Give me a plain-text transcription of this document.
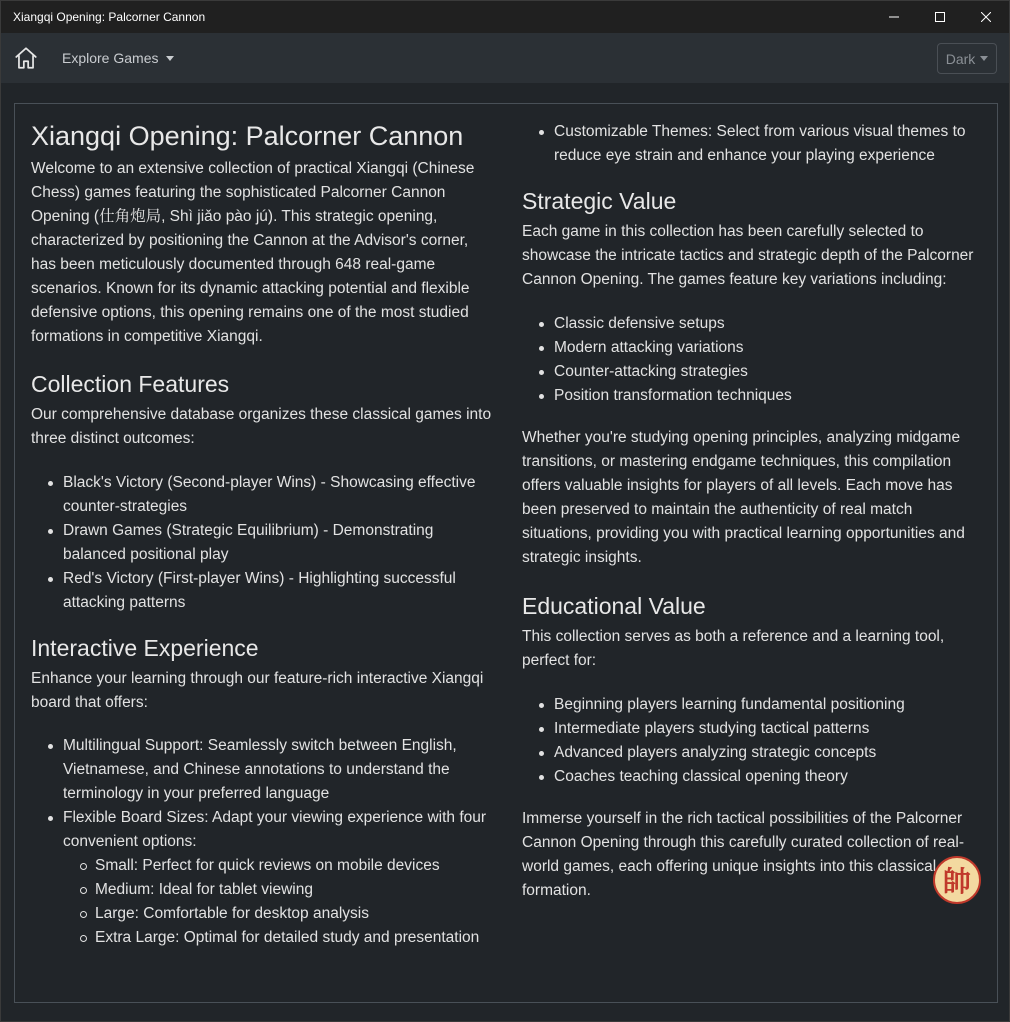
Xiangqi Opening: Palcorner Cannon
Explore Games	Dark
Xiangqi Opening: Palcorner Cannon

Welcome to an extensive collection of practical Xiangqi (Chinese Chess) games featuring the sophisticated Palcorner Cannon Opening (仕角炮局, Shì jiǎo pào jú). This strategic opening, characterized by positioning the Cannon at the Advisor's corner, has been meticulously documented through 648 real-game scenarios. Known for its dynamic attacking potential and flexible defensive options, this opening remains one of the most studied formations in competitive Xiangqi.

Collection Features

Our comprehensive database organizes these classical games into three distinct outcomes:

Black's Victory (Second-player Wins) - Showcasing effective counter-strategies
Drawn Games (Strategic Equilibrium) - Demonstrating balanced positional play
Red's Victory (First-player Wins) - Highlighting successful attacking patterns
Interactive Experience

Enhance your learning through our feature-rich interactive Xiangqi board that offers:

Multilingual Support: Seamlessly switch between English, Vietnamese, and Chinese annotations to understand the terminology in your preferred language
Flexible Board Sizes: Adapt your viewing experience with four convenient options:
Small: Perfect for quick reviews on mobile devices
Medium: Ideal for tablet viewing
Large: Comfortable for desktop analysis
Extra Large: Optimal for detailed study and presentation
Customizable Themes: Select from various visual themes to reduce eye strain and enhance your playing experience
Strategic Value

Each game in this collection has been carefully selected to showcase the intricate tactics and strategic depth of the Palcorner Cannon Opening. The games feature key variations including:

Classic defensive setups
Modern attacking variations
Counter-attacking strategies
Position transformation techniques

Whether you're studying opening principles, analyzing midgame transitions, or mastering endgame techniques, this compilation offers valuable insights for players of all levels. Each move has been preserved to maintain the authenticity of real match situations, providing you with practical learning opportunities and strategic insights.

Educational Value

This collection serves as both a reference and a learning tool, perfect for:

Beginning players learning fundamental positioning
Intermediate players studying tactical patterns
Advanced players analyzing strategic concepts
Coaches teaching classical opening theory

Immerse yourself in the rich tactical possibilities of the Palcorner Cannon Opening through this carefully curated collection of real-world games, each offering unique insights into this classical formation.	帥
